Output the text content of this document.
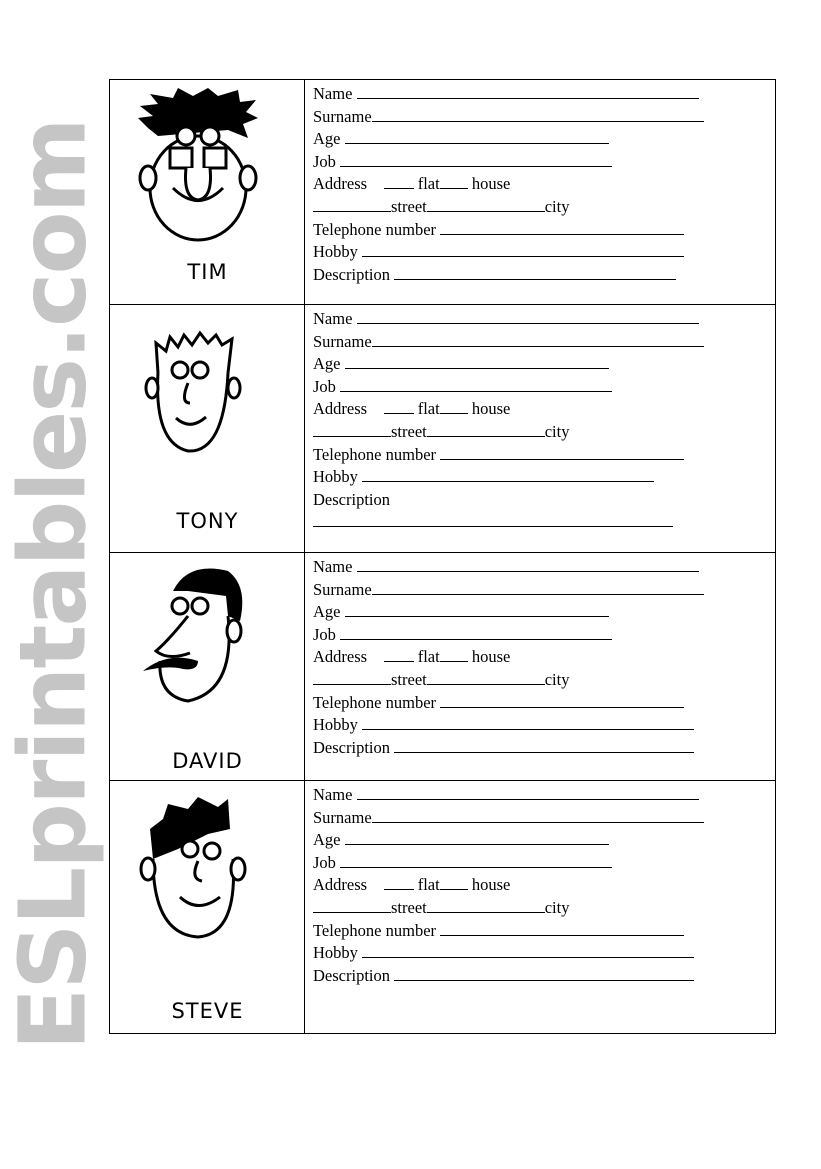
TIM
Name
Surname
Age
Job
Address	flat house
street	city
Telephone number
Hobby
Description
TONY
Name
Surname
Age
Job
Address	flat house
street	city
Telephone number
Hobby
Description
DAVID
Name
Surname
Age
Job
Address	flat house
street	city
Telephone number
Hobby
Description
STEVE
Name
Surname
Age
Job
Address	flat house
street	city
Telephone number
Hobby
Description
ESLprintables.com
